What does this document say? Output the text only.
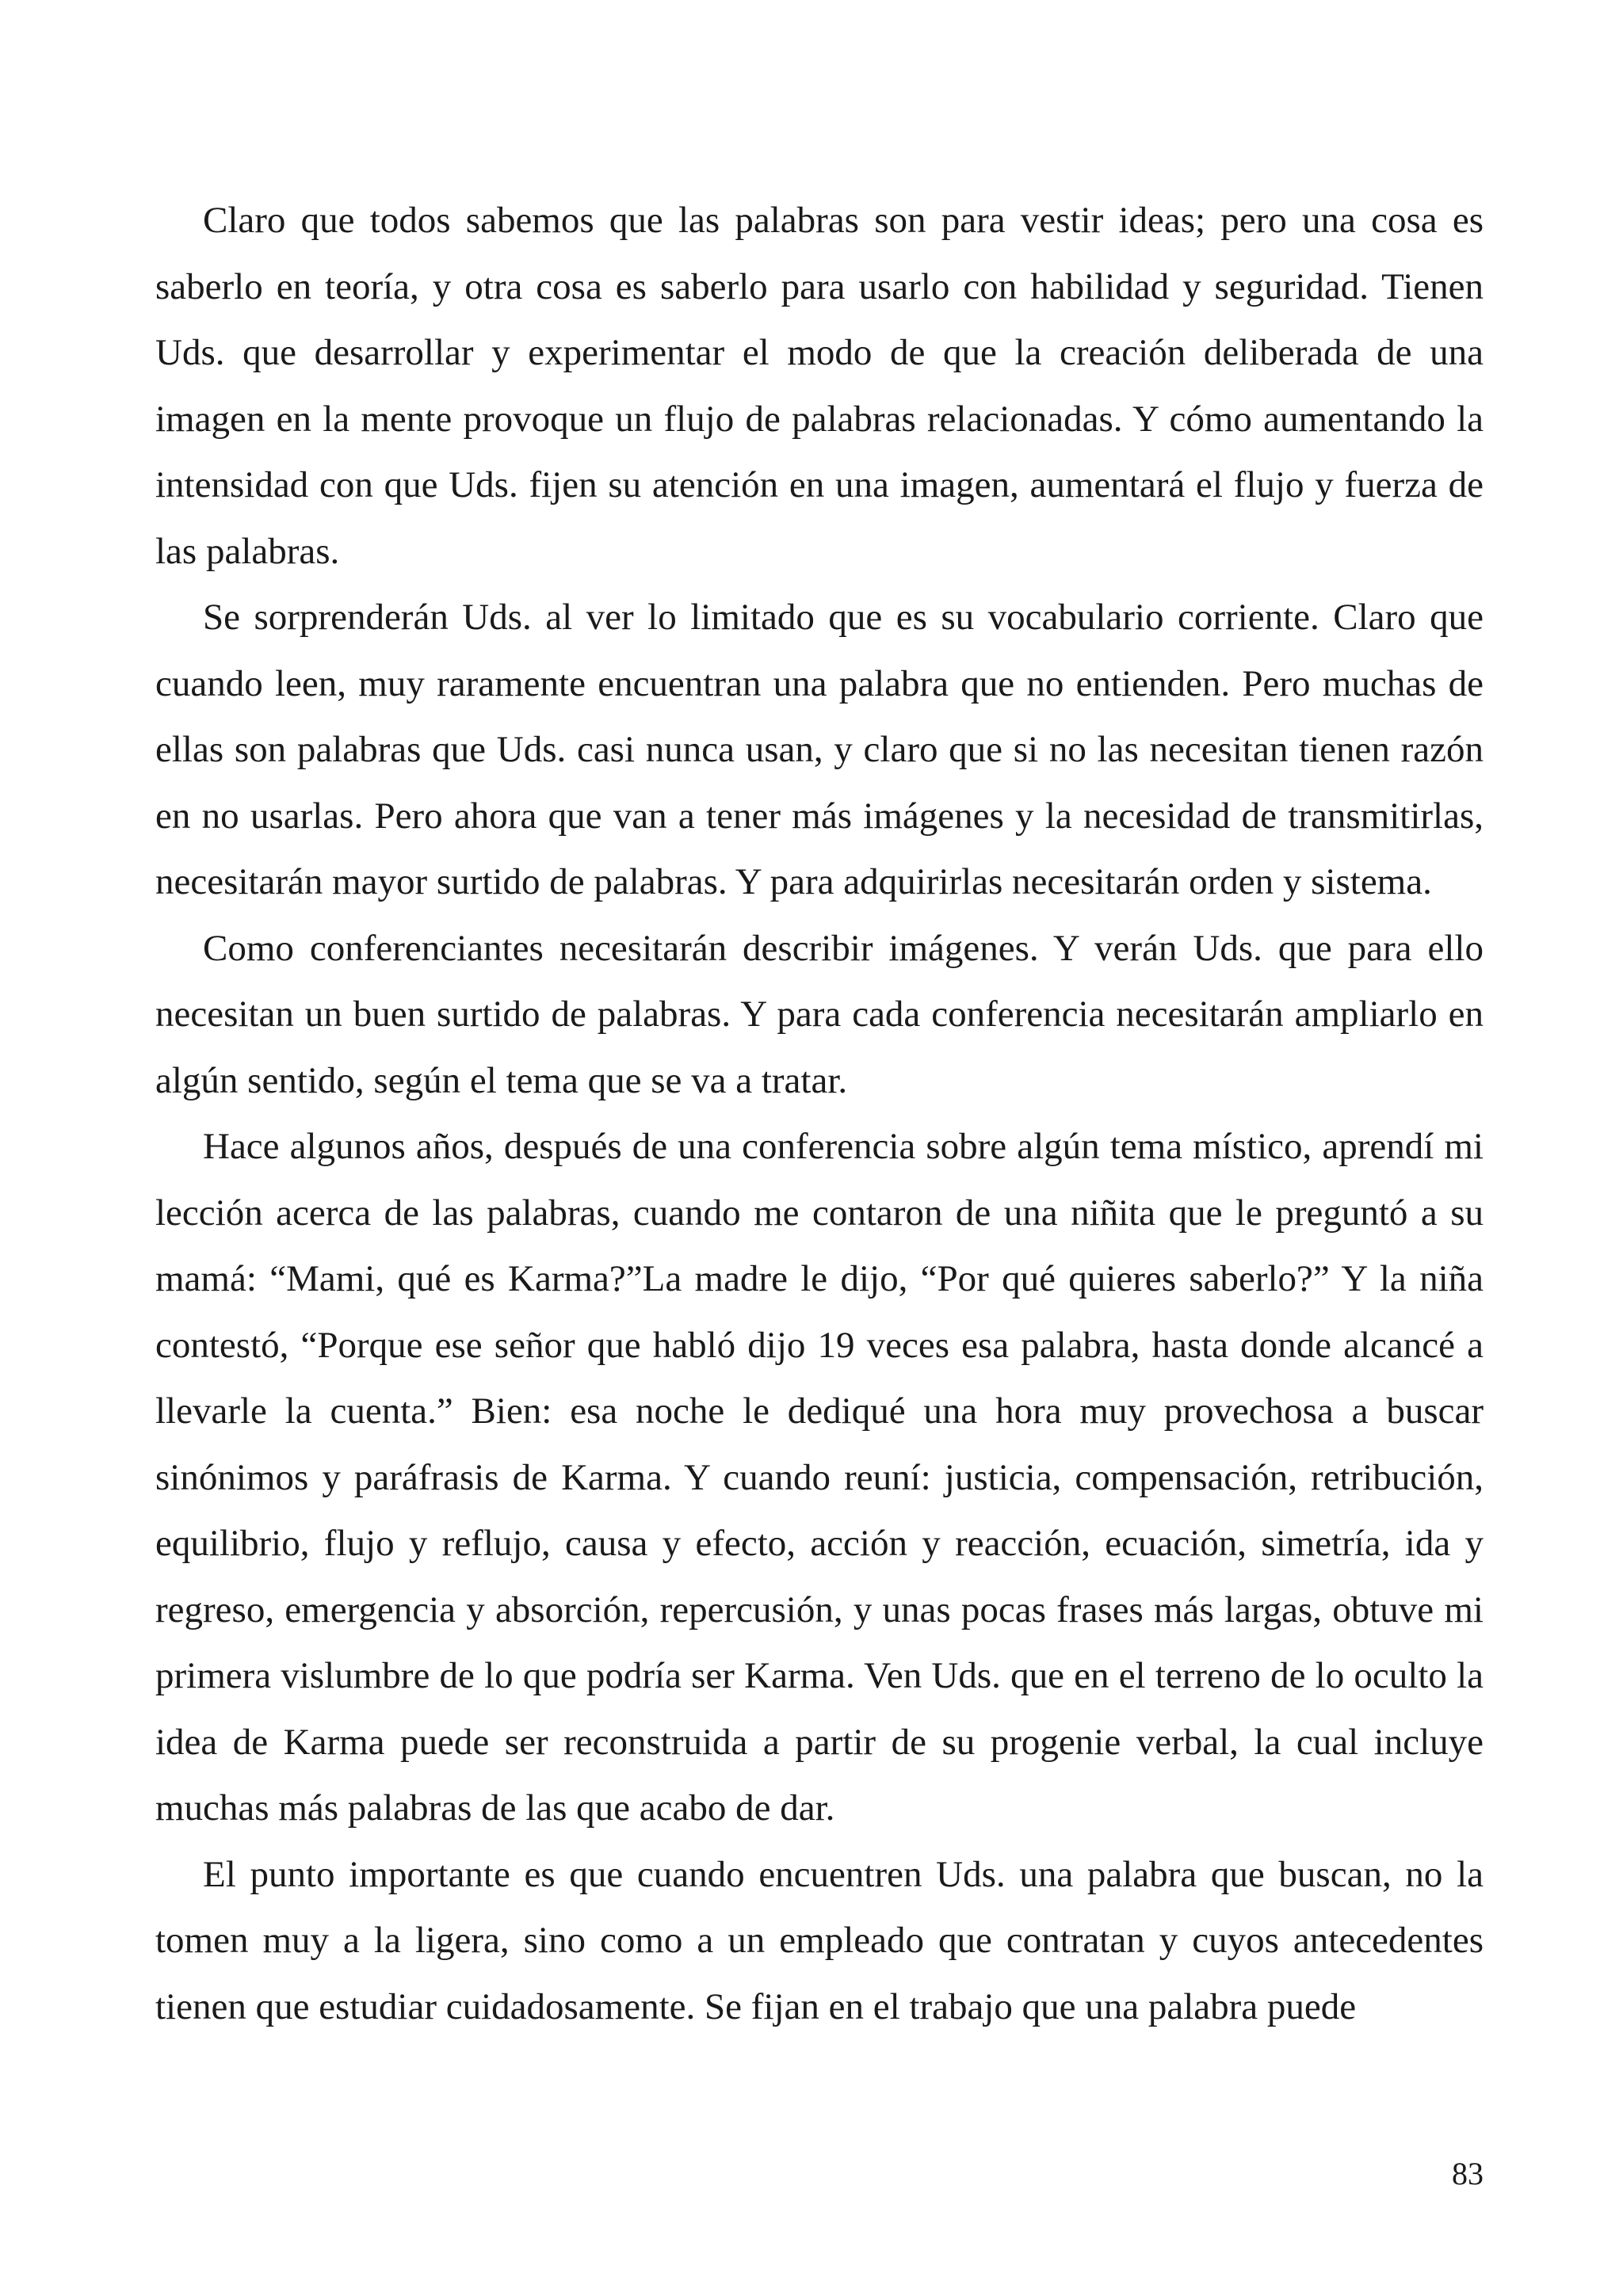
Claro que todos sabemos que las palabras son para vestir ideas; pero una cosa es saberlo en teoría, y otra cosa es saberlo para usarlo con habilidad y seguridad. Tienen Uds. que desarrollar y experimentar el modo de que la creación deliberada de una imagen en la mente provoque un flujo de palabras relacionadas. Y cómo aumentando la intensidad con que Uds. fijen su atención en una imagen, aumentará el flujo y fuerza de las palabras.

Se sorprenderán Uds. al ver lo limitado que es su vocabulario corriente. Claro que cuando leen, muy raramente encuentran una palabra que no entienden. Pero muchas de ellas son palabras que Uds. casi nunca usan, y claro que si no las necesitan tienen razón en no usarlas. Pero ahora que van a tener más imágenes y la necesidad de transmitirlas, necesitarán mayor surtido de palabras. Y para adquirirlas necesitarán orden y sistema.

Como conferenciantes necesitarán describir imágenes. Y verán Uds. que para ello necesitan un buen surtido de palabras. Y para cada conferencia necesitarán ampliarlo en algún sentido, según el tema que se va a tratar.

Hace algunos años, después de una conferencia sobre algún tema místico, aprendí mi lección acerca de las palabras, cuando me contaron de una niñita que le preguntó a su mamá: “Mami, qué es Karma?”La madre le dijo, “Por qué quieres saberlo?” Y la niña contestó, “Porque ese señor que habló dijo 19 veces esa palabra, hasta donde alcancé a llevarle la cuenta.” Bien: esa noche le dediqué una hora muy provechosa a buscar sinónimos y paráfrasis de Karma. Y cuando reuní: justicia, compensación, retribución, equilibrio, flujo y reflujo, causa y efecto, acción y reacción, ecuación, simetría, ida y regreso, emergencia y absorción, repercusión, y unas pocas frases más largas, obtuve mi primera vislumbre de lo que podría ser Karma. Ven Uds. que en el terreno de lo oculto la idea de Karma puede ser reconstruida a partir de su progenie verbal, la cual incluye muchas más palabras de las que acabo de dar.

El punto importante es que cuando encuentren Uds. una palabra que buscan, no la tomen muy a la ligera, sino como a un empleado que contratan y cuyos antecedentes tienen que estudiar cuidadosamente. Se fijan en el trabajo que una palabra puede

83
